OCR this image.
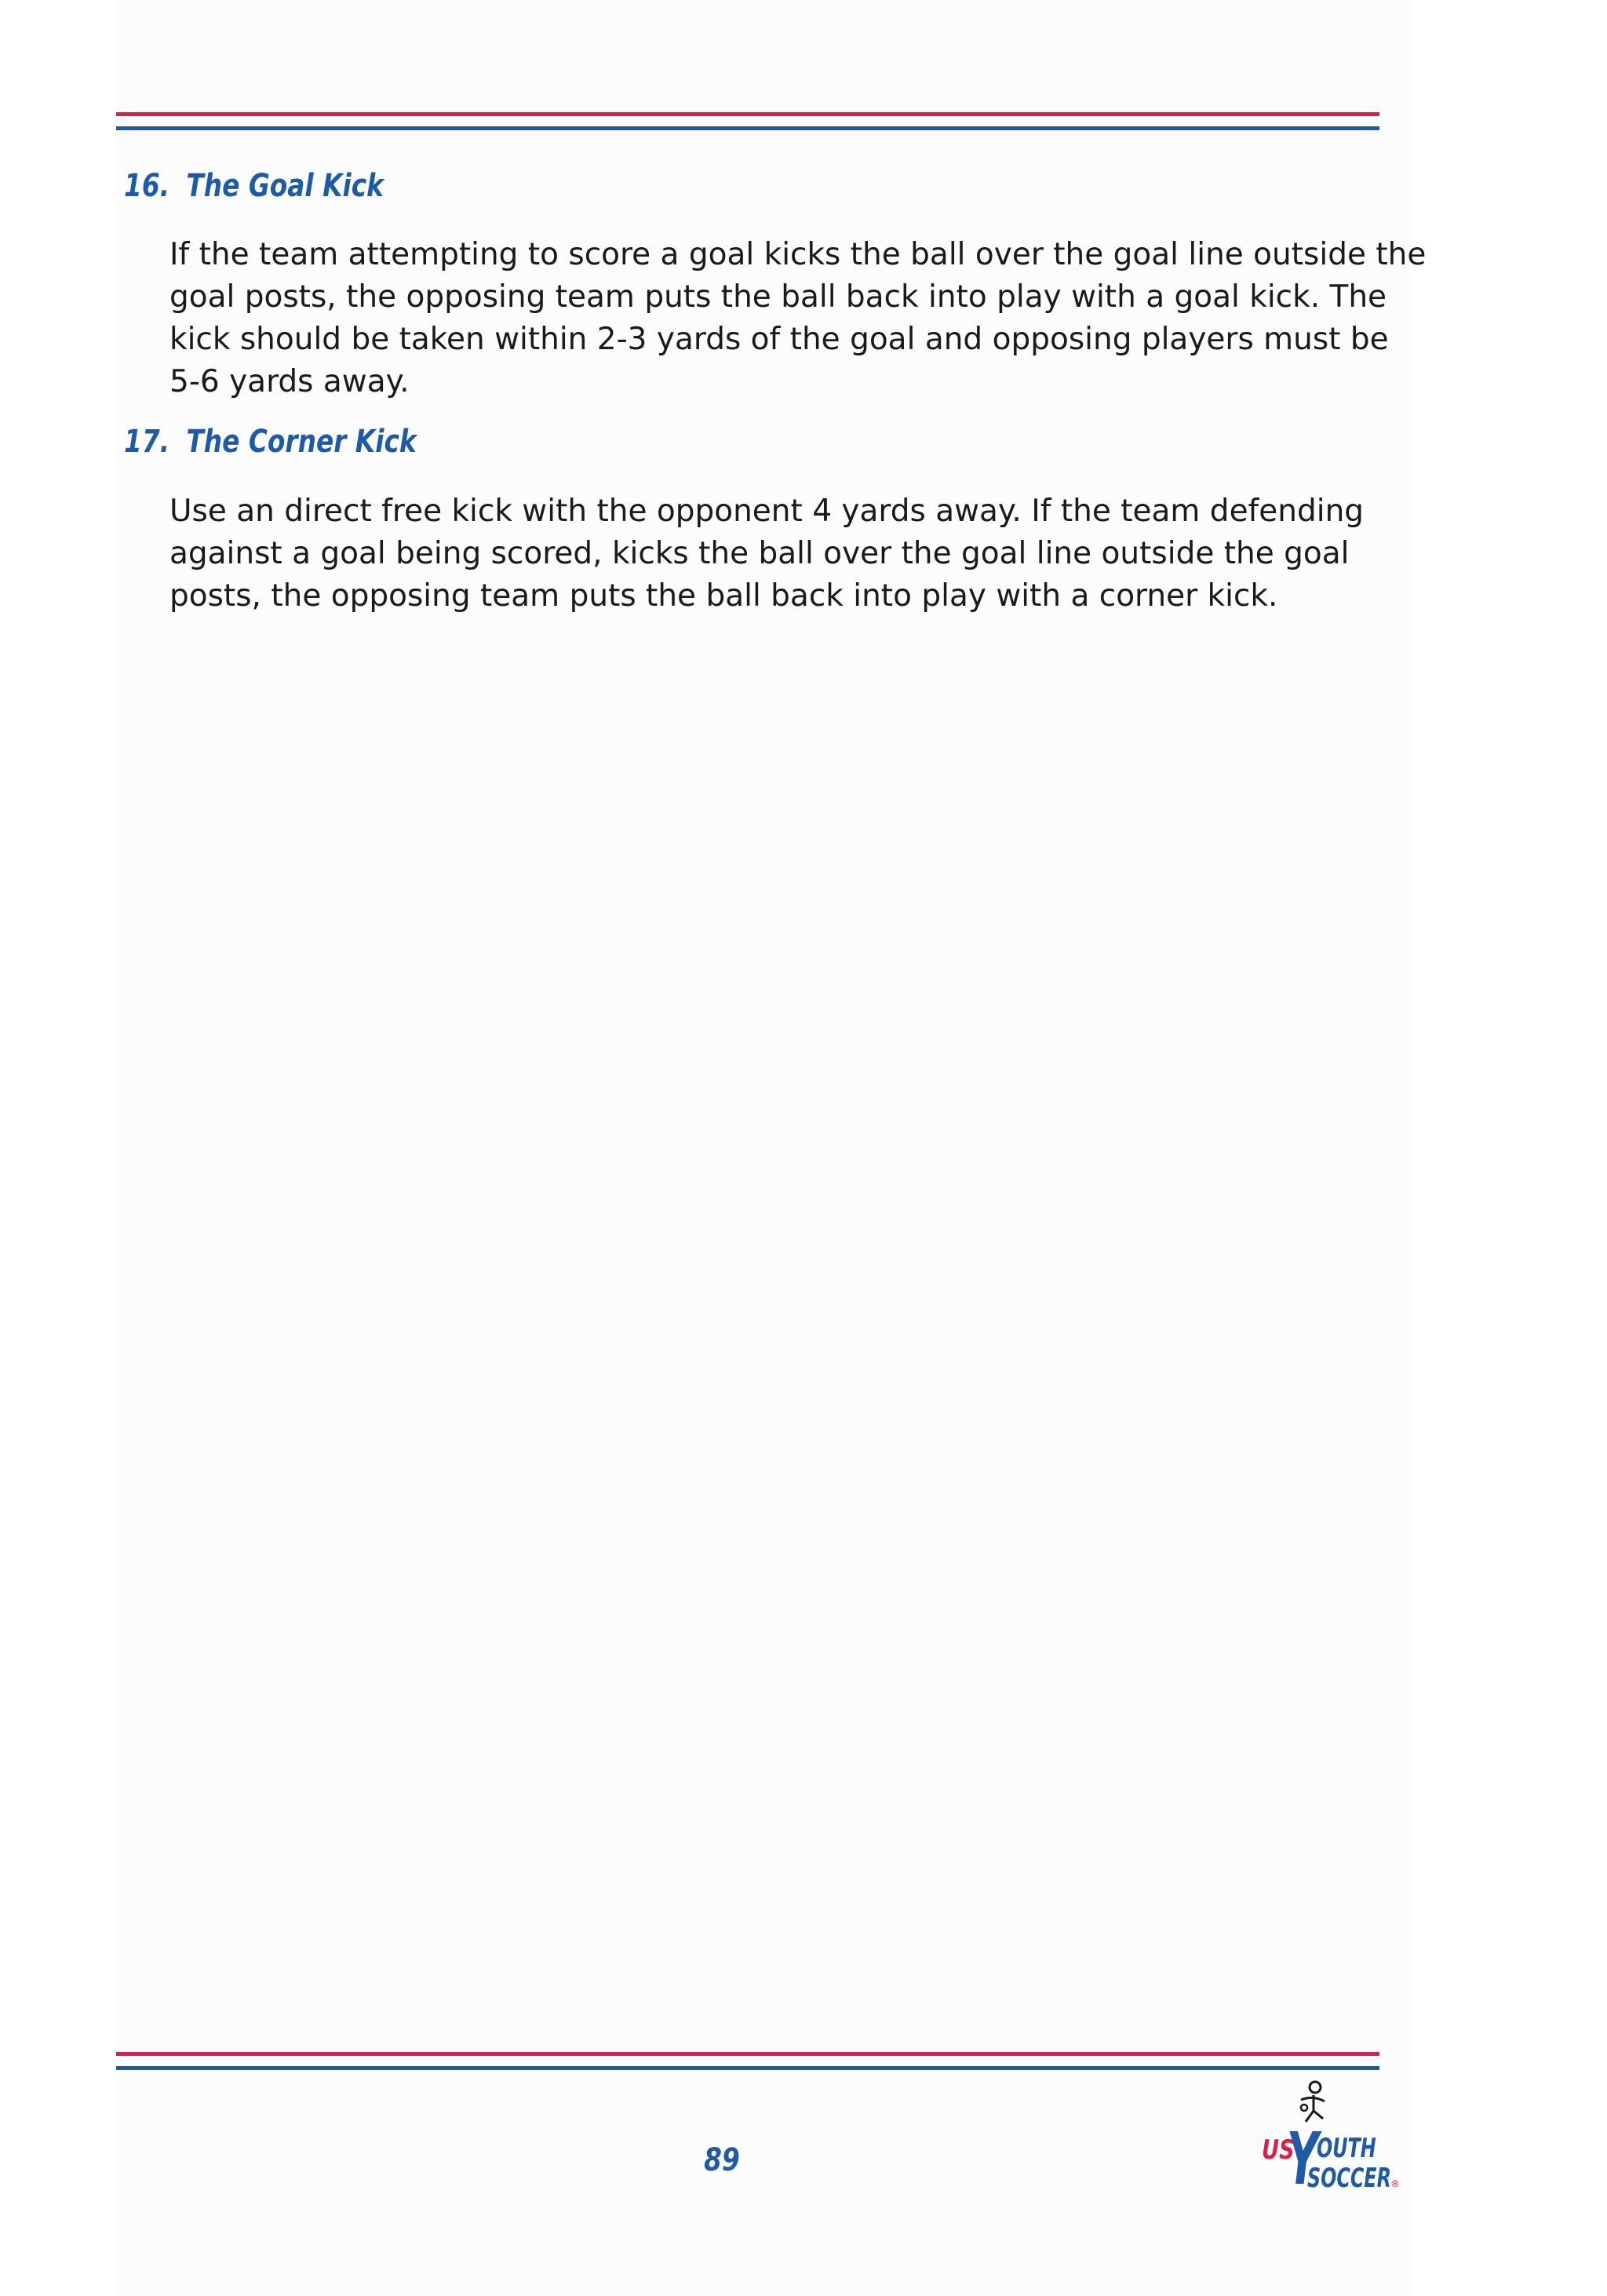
16. The Goal Kick

If the team attempting to score a goal kicks the ball over the goal line outside the
goal posts, the opposing team puts the ball back into play with a goal kick. The
kick should be taken within 2-3 yards of the goal and opposing players must be
5-6 yards away.

17. The Corner Kick

Use an direct free kick with the opponent 4 yards away. If the team defending
against a goal being scored, kicks the ball over the goal line outside the goal
posts, the opposing team puts the ball back into play with a corner kick.

89	US
Y
OUTH
SOCCER ®
